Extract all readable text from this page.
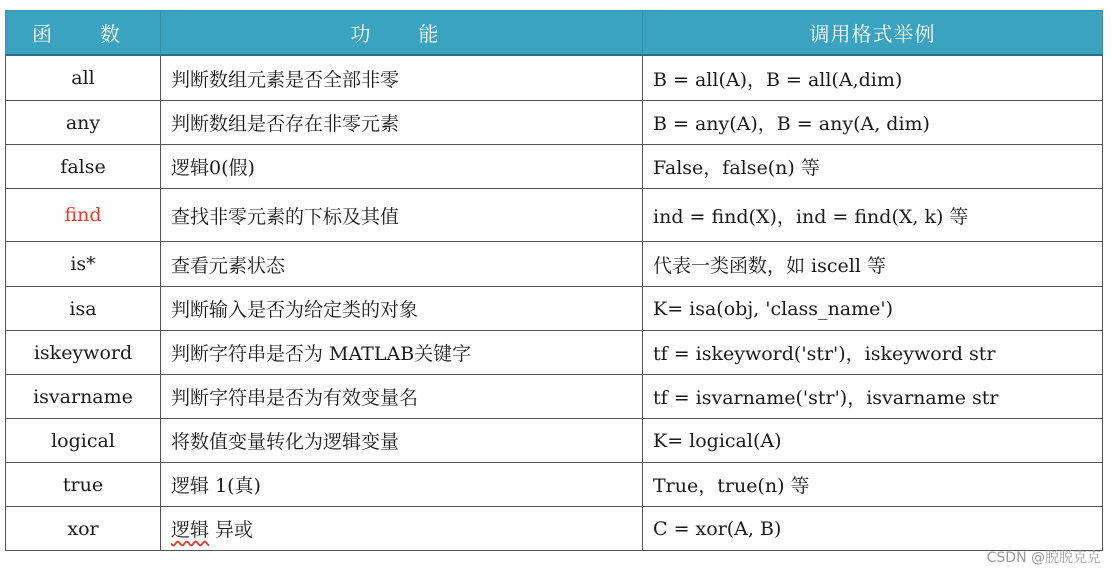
函　数	功　能	调用格式举例
all	判断数组元素是否全部非零	B = all(A)，B = all(A,dim)
any	判断数组是否存在非零元素	B = any(A)，B = any(A, dim)
false	逻辑0(假)	False，false(n) 等
find	查找非零元素的下标及其值	ind = find(X)，ind = find(X, k) 等
is*	查看元素状态	代表一类函数，如 iscell 等
isa	判断输入是否为给定类的对象	K= isa(obj, 'class_name')
iskeyword	判断字符串是否为 MATLAB关键字	tf = iskeyword('str')，iskeyword str
isvarname	判断字符串是否为有效变量名	tf = isvarname('str')，isvarname str
logical	将数值变量转化为逻辑变量	K= logical(A)
true	逻辑 1(真)	True，true(n) 等
xor	逻辑 异或	C = xor(A, B)
CSDN @脱脱克克
